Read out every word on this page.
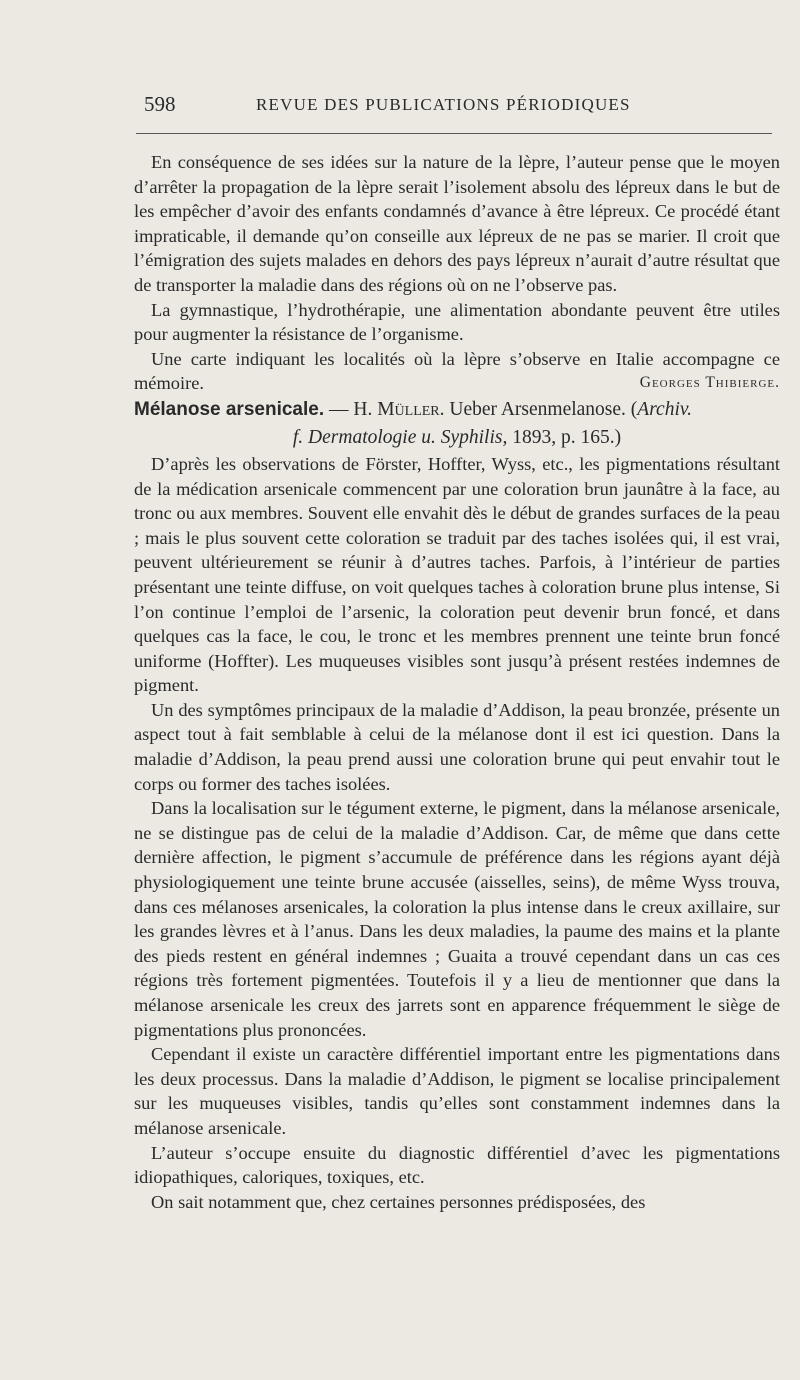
598	REVUE DES PUBLICATIONS PÉRIODIQUES

En conséquence de ses idées sur la nature de la lèpre, l’auteur pense que le moyen d’arrêter la propagation de la lèpre serait l’isolement absolu des lépreux dans le but de les empêcher d’avoir des enfants condamnés d’avance à être lépreux. Ce procédé étant impraticable, il demande qu’on conseille aux lépreux de ne pas se marier. Il croit que l’émigration des sujets malades en dehors des pays lépreux n’aurait d’autre résultat que de transporter la maladie dans des régions où on ne l’observe pas.

La gymnastique, l’hydrothérapie, une alimentation abondante peuvent être utiles pour augmenter la résistance de l’organisme.

Une carte indiquant les localités où la lèpre s’observe en Italie accompagne ce mémoire.	Georges Thibierge.

Mélanose arsenicale. — H. Müller. Ueber Arsenmelanose. (Archiv.
f. Dermatologie u. Syphilis, 1893, p. 165.)

D’après les observations de Förster, Hoffter, Wyss, etc., les pigmentations résultant de la médication arsenicale commencent par une coloration brun jaunâtre à la face, au tronc ou aux membres. Souvent elle envahit dès le début de grandes surfaces de la peau ; mais le plus souvent cette coloration se traduit par des taches isolées qui, il est vrai, peuvent ultérieurement se réunir à d’autres taches. Parfois, à l’intérieur de parties présentant une teinte diffuse, on voit quelques taches à coloration brune plus intense, Si l’on continue l’emploi de l’arsenic, la coloration peut devenir brun foncé, et dans quelques cas la face, le cou, le tronc et les membres prennent une teinte brun foncé uniforme (Hoffter). Les muqueuses visibles sont jusqu’à présent restées indemnes de pigment.

Un des symptômes principaux de la maladie d’Addison, la peau bronzée, présente un aspect tout à fait semblable à celui de la mélanose dont il est ici question. Dans la maladie d’Addison, la peau prend aussi une coloration brune qui peut envahir tout le corps ou former des taches isolées.

Dans la localisation sur le tégument externe, le pigment, dans la mélanose arsenicale, ne se distingue pas de celui de la maladie d’Addison. Car, de même que dans cette dernière affection, le pigment s’accumule de préférence dans les régions ayant déjà physiologiquement une teinte brune accusée (aisselles, seins), de même Wyss trouva, dans ces mélanoses arsenicales, la coloration la plus intense dans le creux axillaire, sur les grandes lèvres et à l’anus. Dans les deux maladies, la paume des mains et la plante des pieds restent en général indemnes ; Guaita a trouvé cependant dans un cas ces régions très fortement pigmentées. Toutefois il y a lieu de mentionner que dans la mélanose arsenicale les creux des jarrets sont en apparence fréquemment le siège de pigmentations plus prononcées.

Cependant il existe un caractère différentiel important entre les pigmentations dans les deux processus. Dans la maladie d’Addison, le pigment se localise principalement sur les muqueuses visibles, tandis qu’elles sont constamment indemnes dans la mélanose arsenicale.

L’auteur s’occupe ensuite du diagnostic différentiel d’avec les pigmentations idiopathiques, caloriques, toxiques, etc.

On sait notamment que, chez certaines personnes prédisposées, des
